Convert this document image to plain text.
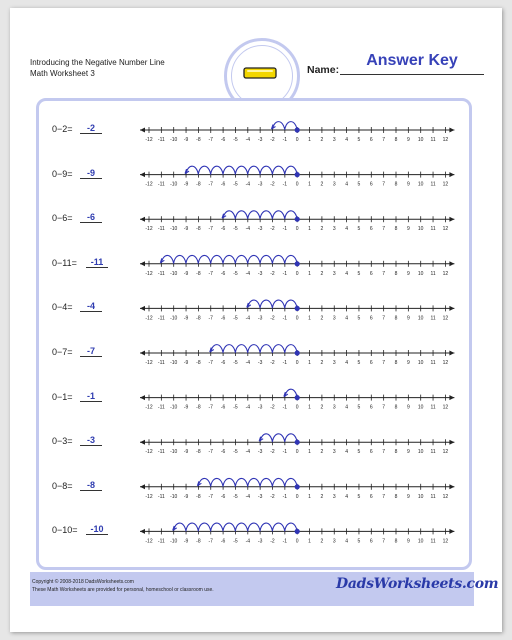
Introducing the Negative Number Line
Math Worksheet 3	Name:
Answer Key
0−2=	-2
0−9=	-9
0−6=	-6
0−11=	-11
0−4=	-4
0−7=	-7
0−1=	-1
0−3=	-3
0−8=	-8
0−10=	-10
-12 -11 -10 -9 -8 -7 -6 -5 -4 -3 -2 -1 0 1 2 3 4 5 6 7 8 9 10 11 12
-12 -11 -10 -9 -8 -7 -6 -5 -4 -3 -2 -1 0 1 2 3 4 5 6 7 8 9 10 11 12
-12 -11 -10 -9 -8 -7 -6 -5 -4 -3 -2 -1 0 1 2 3 4 5 6 7 8 9 10 11 12
-12 -11 -10 -9 -8 -7 -6 -5 -4 -3 -2 -1 0 1 2 3 4 5 6 7 8 9 10 11 12
-12 -11 -10 -9 -8 -7 -6 -5 -4 -3 -2 -1 0 1 2 3 4 5 6 7 8 9 10 11 12
-12 -11 -10 -9 -8 -7 -6 -5 -4 -3 -2 -1 0 1 2 3 4 5 6 7 8 9 10 11 12
-12 -11 -10 -9 -8 -7 -6 -5 -4 -3 -2 -1 0 1 2 3 4 5 6 7 8 9 10 11 12
-12 -11 -10 -9 -8 -7 -6 -5 -4 -3 -2 -1 0 1 2 3 4 5 6 7 8 9 10 11 12
-12 -11 -10 -9 -8 -7 -6 -5 -4 -3 -2 -1 0 1 2 3 4 5 6 7 8 9 10 11 12
-12 -11 -10 -9 -8 -7 -6 -5 -4 -3 -2 -1 0 1 2 3 4 5 6 7 8 9 10 11 12
Copyright © 2008-2018 DadsWorksheets.com
These Math Worksheets are provided for personal, homeschool or classroom use.	DadsWorksheets.com
